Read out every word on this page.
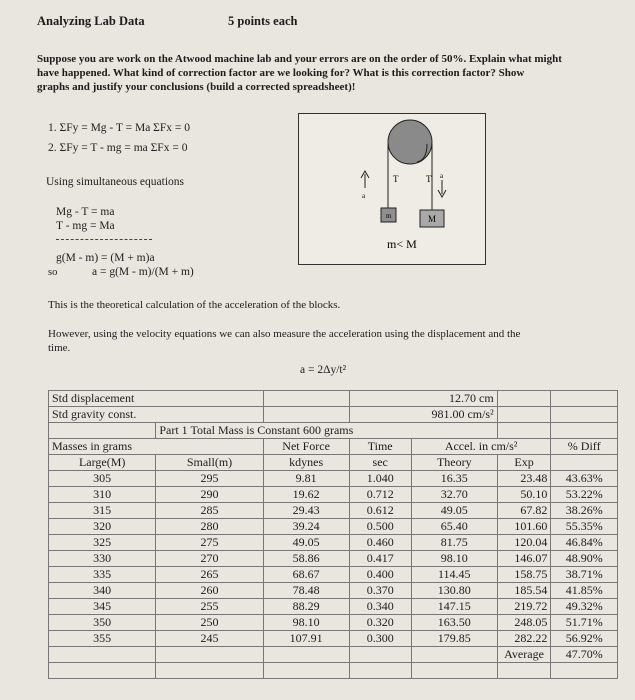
Analyzing Lab Data	5 points each
Suppose you are work on the Atwood machine lab and your errors are on the order of 50%. Explain what might
have happened. What kind of correction factor are we looking for? What is this correction factor? Show
graphs and justify your conclusions (build a corrected spreadsheet)!
1. ΣFy = Mg - T = Ma ΣFx = 0
2. ΣFy = T - mg = ma ΣFx = 0
Using simultaneous equations
Mg - T = ma
T - mg = Ma
g(M - m) = (M + m)a
so	a = g(M - m)/(M + m)
T	T
a
a
m	M
m< M
This is the theoretical calculation of the acceleration of the blocks.
However, using the velocity equations we can also measure the acceleration using the displacement and the
time.
a = 2Δy/t²
Std displacement			12.70 cm			
Std gravity const.			981.00 cm/s²			
	Part 1 Total Mass is Constant 600 grams					
Masses in grams		Net Force	Time	Accel. in cm/s²		% Diff
Large(M)	Small(m)	kdynes	sec	Theory	Exp	
305	295	9.81	1.040	16.35	23.48	43.63%
310	290	19.62	0.712	32.70	50.10	53.22%
315	285	29.43	0.612	49.05	67.82	38.26%
320	280	39.24	0.500	65.40	101.60	55.35%
325	275	49.05	0.460	81.75	120.04	46.84%
330	270	58.86	0.417	98.10	146.07	48.90%
335	265	68.67	0.400	114.45	158.75	38.71%
340	260	78.48	0.370	130.80	185.54	41.85%
345	255	88.29	0.340	147.15	219.72	49.32%
350	250	98.10	0.320	163.50	248.05	51.71%
355	245	107.91	0.300	179.85	282.22	56.92%
					Average	47.70%
